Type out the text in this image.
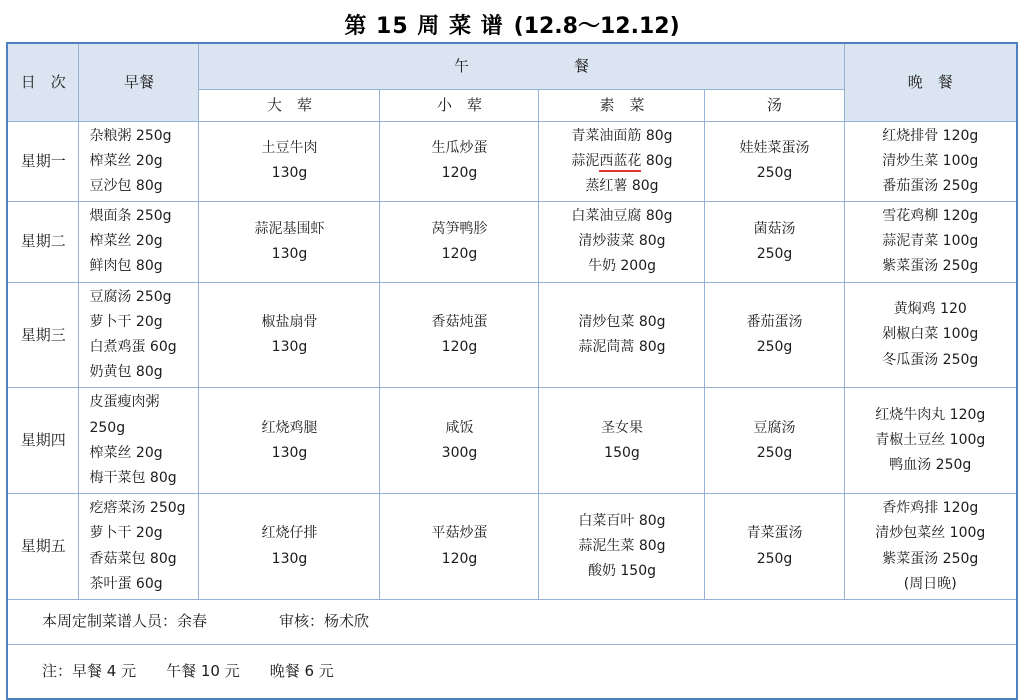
第 15 周 菜 谱 (12.8～12.12)
日　次	早餐	午　　　　　　　餐				晚　餐
		大　荤	小　荤	素　菜	汤	
星期一	
杂粮粥 250g
榨菜丝 20g
豆沙包 80g

土豆牛肉
130g

生瓜炒蛋
120g

青菜油面筋 80g
蒜泥西蓝花 80g
蒸红薯 80g

娃娃菜蛋汤
250g

红烧排骨 120g
清炒生菜 100g
番茄蛋汤 250g

星期二	
煨面条 250g
榨菜丝 20g
鲜肉包 80g

蒜泥基围虾
130g

莴笋鸭胗
120g

白菜油豆腐 80g
清炒菠菜 80g
牛奶 200g

菌菇汤
250g

雪花鸡柳 120g
蒜泥青菜 100g
紫菜蛋汤 250g

星期三	
豆腐汤 250g
萝卜干 20g
白煮鸡蛋 60g
奶黄包 80g

椒盐扇骨
130g

香菇炖蛋
120g

清炒包菜 80g
蒜泥茼蒿 80g

番茄蛋汤
250g

黄焖鸡 120
剁椒白菜 100g
冬瓜蛋汤 250g

星期四	
皮蛋瘦肉粥 250g
榨菜丝 20g
梅干菜包 80g

红烧鸡腿
130g

咸饭
300g

圣女果
150g

豆腐汤
250g

红烧牛肉丸 120g
青椒土豆丝 100g
鸭血汤 250g

星期五	
疙瘩菜汤 250g
萝卜干 20g
香菇菜包 80g
茶叶蛋 60g

红烧仔排
130g

平菇炒蛋
120g

白菜百叶 80g
蒜泥生菜 80g
酸奶 150g

青菜蛋汤
250g

香炸鸡排 120g
清炒包菜丝 100g
紫菜蛋汤 250g
(周日晚)

本周定制菜谱人员：余春 审核：杨术欣						
注：早餐 4 元　　午餐 10 元　　晚餐 6 元						
